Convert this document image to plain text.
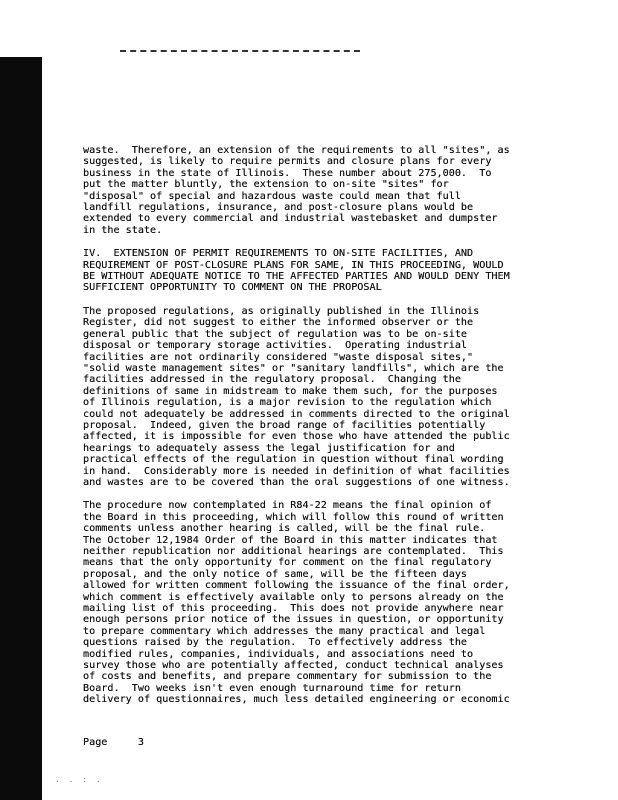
waste.  Therefore, an extension of the requirements to all "sites", as
suggested, is likely to require permits and closure plans for every
business in the state of Illinois.  These number about 275,000.  To
put the matter bluntly, the extension to on-site "sites" for
"disposal" of special and hazardous waste could mean that full
landfill regulations, insurance, and post-closure plans would be
extended to every commercial and industrial wastebasket and dumpster
in the state.

IV.  EXTENSION OF PERMIT REQUIREMENTS TO ON-SITE FACILITIES, AND
REQUIREMENT OF POST-CLOSURE PLANS FOR SAME, IN THIS PROCEEDING, WOULD
BE WITHOUT ADEQUATE NOTICE TO THE AFFECTED PARTIES AND WOULD DENY THEM
SUFFICIENT OPPORTUNITY TO COMMENT ON THE PROPOSAL

The proposed regulations, as originally published in the Illinois
Register, did not suggest to either the informed observer or the
general public that the subject of regulation was to be on-site
disposal or temporary storage activities.  Operating industrial
facilities are not ordinarily considered "waste disposal sites,"
"solid waste management sites" or "sanitary landfills", which are the
facilities addressed in the regulatory proposal.  Changing the
definitions of same in midstream to make them such, for the purposes
of Illinois regulation, is a major revision to the regulation which
could not adequately be addressed in comments directed to the original
proposal.  Indeed, given the broad range of facilities potentially
affected, it is impossible for even those who have attended the public
hearings to adequately assess the legal justification for and
practical effects of the regulation in question without final wording
in hand.  Considerably more is needed in definition of what facilities
and wastes are to be covered than the oral suggestions of one witness.

The procedure now contemplated in R84-22 means the final opinion of
the Board in this proceeding, which will follow this round of written
comments unless another hearing is called, will be the final rule.
The October 12,1984 Order of the Board in this matter indicates that
neither republication nor additional hearings are contemplated.  This
means that the only opportunity for comment on the final regulatory
proposal, and the only notice of same, will be the fifteen days
allowed for written comment following the issuance of the final order,
which comment is effectively available only to persons already on the
mailing list of this proceeding.  This does not provide anywhere near
enough persons prior notice of the issues in question, or opportunity
to prepare commentary which addresses the many practical and legal
questions raised by the regulation.  To effectively address the
modified rules, companies, individuals, and associations need to
survey those who are potentially affected, conduct technical analyses
of costs and benefits, and prepare commentary for submission to the
Board.  Two weeks isn't even enough turnaround time for return
delivery of questionnaires, much less detailed engineering or economic

Page	3
. . : .
